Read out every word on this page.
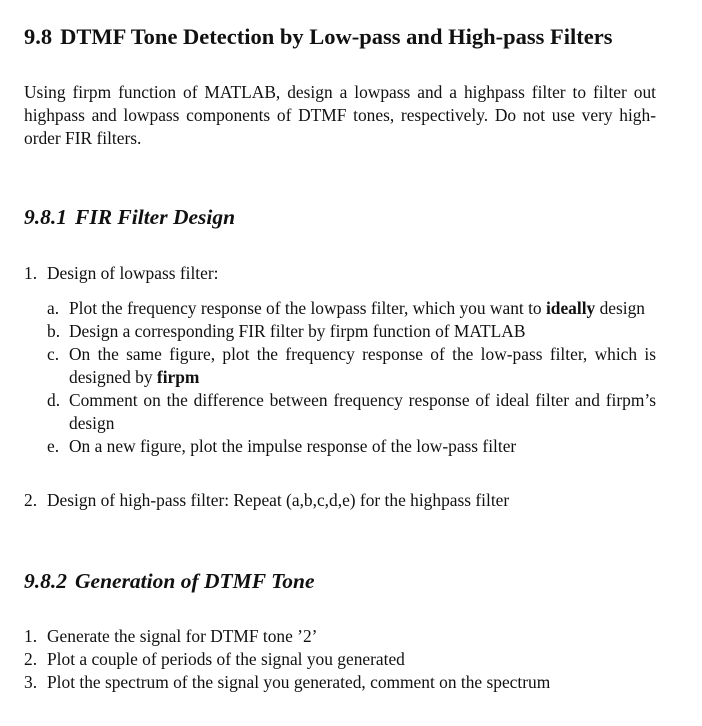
9.8 DTMF Tone Detection by Low-pass and High-pass Filters

Using firpm function of MATLAB, design a lowpass and a highpass filter to filter out highpass and lowpass components of DTMF tones, respectively. Do not use very high-order FIR filters.

9.8.1 FIR Filter Design
1. Design of lowpass filter:
a. Plot the frequency response of the lowpass filter, which you want to ideally design
b. Design a corresponding FIR filter by firpm function of MATLAB
c. On the same figure, plot the frequency response of the low-pass filter, which is designed by firpm
d. Comment on the difference between frequency response of ideal filter and firpm’s design
e. On a new figure, plot the impulse response of the low-pass filter
2. Design of high-pass filter: Repeat (a,b,c,d,e) for the highpass filter
9.8.2 Generation of DTMF Tone
1. Generate the signal for DTMF tone ’2’
2. Plot a couple of periods of the signal you generated
3. Plot the spectrum of the signal you generated, comment on the spectrum
